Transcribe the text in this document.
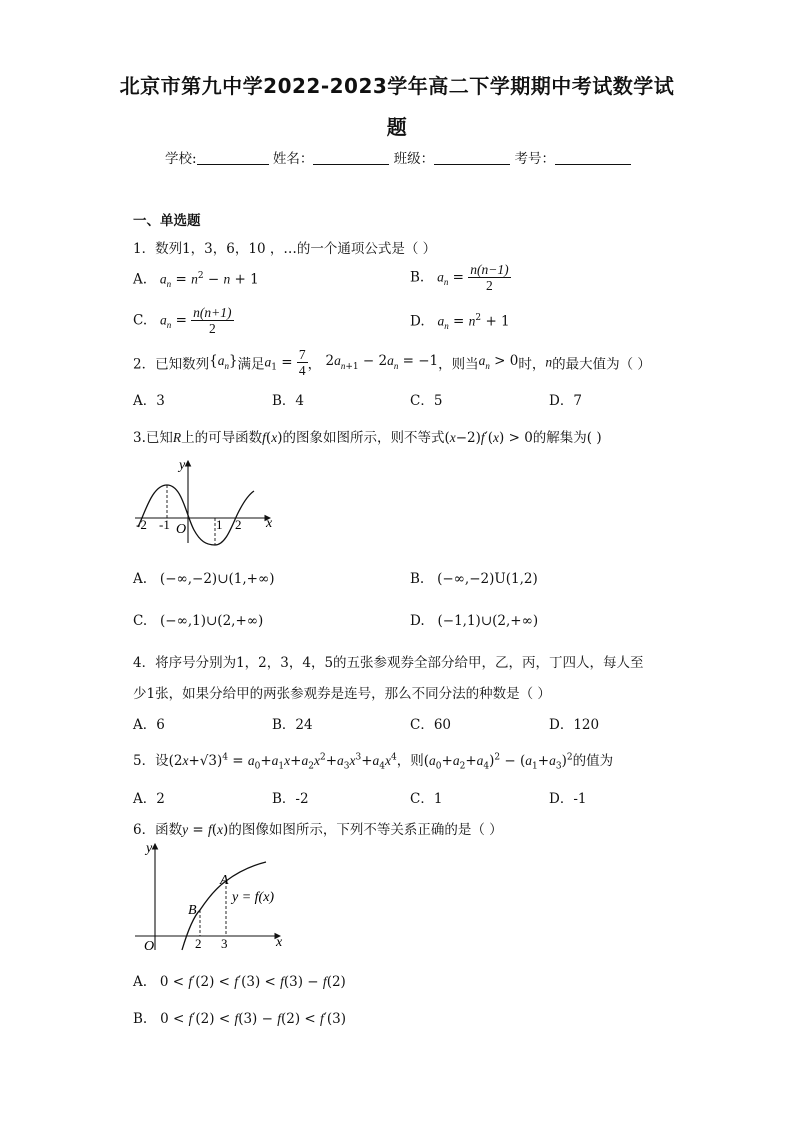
北京市第九中学2022-2023学年高二下学期期中考试数学试
题
学校:	姓名：	班级：	考号：
一、单选题
1．数列1，3，6，10 ，…的一个通项公式是（ ）
A. $a_n = n^2 - n + 1$	B. $a_n = \frac{n(n-1)}{2}$
C. $a_n = \frac{n(n+1)}{2}$	D. $a_n = n^2 + 1$
2．已知数列$\{a_n\}$满足$a_1 = \frac{7}{4}$ ， $2a_{n+1} - 2a_n = -1$，则当$a_n > 0$时，n的最大值为（ ）
A．3	B．4	C．5	D．7
3.已知R上的可导函数f(x)的图象如图所示，则不等式(x−2)f′(x) > 0的解集为( )
y
x
O
-2 -1	1 2
A.   (−∞,−2)∪(1,+∞)	B.   (−∞,−2)U(1,2)
C.   (−∞,1)∪(2,+∞)	D.   (−1,1)∪(2,+∞)
4．将序号分别为1，2，3，4，5的五张参观券全部分给甲，乙，丙，丁四人，每人至
少1张，如果分给甲的两张参观券是连号，那么不同分法的种数是（ ）
A．6	B．24	C．60	D．120
5．设$(2x+√3)^4 = a_0+a_1x+a_2x^2+a_3x^3+a_4x^4$，则$(a_0+a_2+a_4)^2 - (a_1+a_3)^2$的值为
A．2	B．-2	C．1	D．-1
6．函数y = f(x)的图像如图所示，下列不等关系正确的是（ ）
y
x
O
A
B
2 3
y = f(x)
A.   0 < f′(2) < f′(3) < f(3) − f(2)
B.   0 < f′(2) < f(3) − f(2) < f′(3)
